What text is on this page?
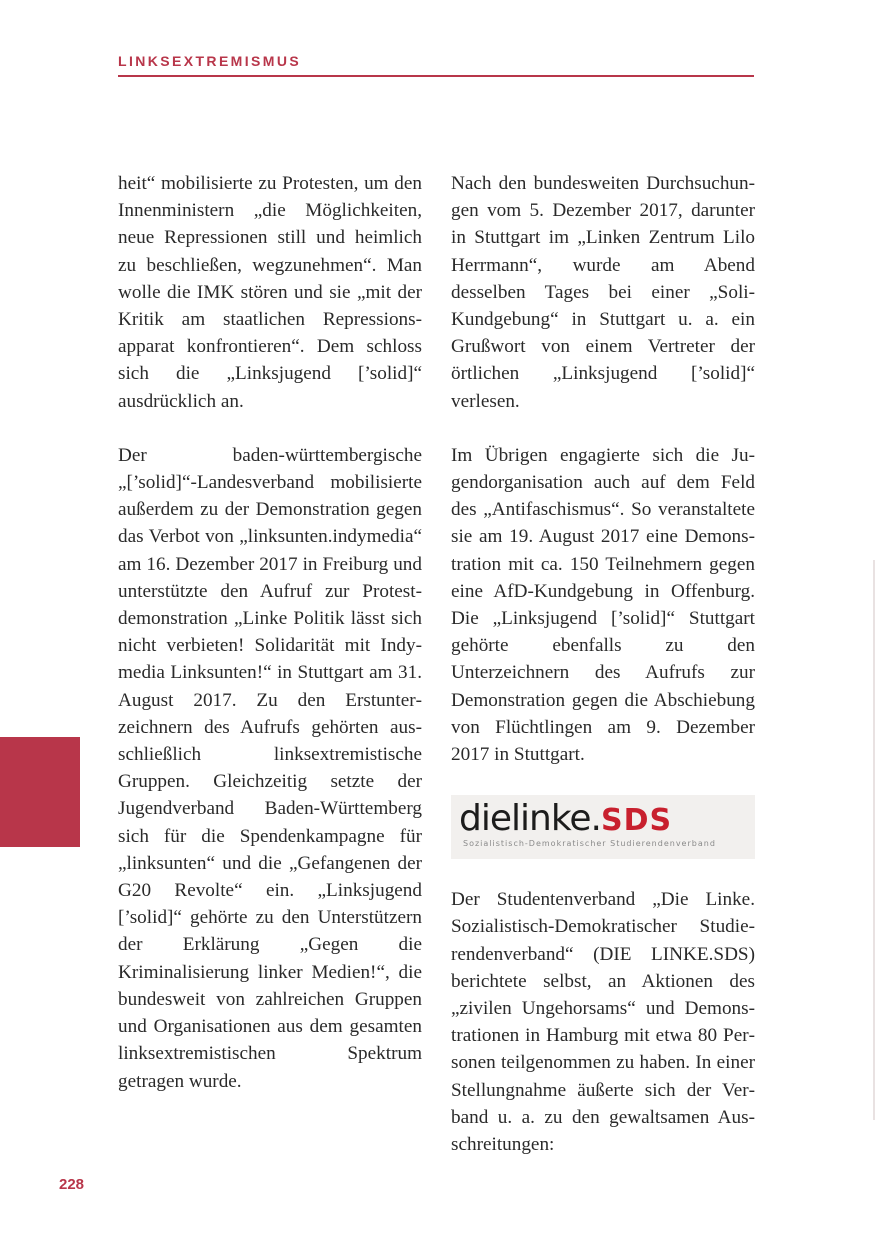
LINKSEXTREMISMUS

heit“ mobilisierte zu Protesten, um den Innenministern „die Möglichkeiten, neue Repressionen still und heimlich zu beschließen, wegzunehmen“. Man wolle die IMK stören und sie „mit der Kritik am staatlichen Repressionsapparat konfrontieren“. Dem schloss sich die „Linksjugend [’solid]“ ausdrücklich an.

Der baden-württembergische „[’solid]“-Landesverband mobilisierte außerdem zu der Demonstration gegen das Verbot von „linksunten.indymedia“ am 16. Dezember 2017 in Freiburg und unterstützte den Aufruf zur Protestdemonstration „Linke Politik lässt sich nicht verbieten! Solidarität mit Indymedia Linksunten!“ in Stuttgart am 31. August 2017. Zu den Erstunterzeichnern des Aufrufs gehörten ausschließlich linksextremistische Gruppen. Gleichzeitig setzte der Jugendverband Baden-Württemberg sich für die Spendenkampagne für „linksunten“ und die „Gefangenen der G20 Revolte“ ein. „Linksjugend [’solid]“ gehörte zu den Unterstützern der Erklärung „Gegen die Kriminalisierung linker Medien!“, die bundesweit von zahlreichen Gruppen und Organisationen aus dem gesamten linksextremistischen Spektrum getragen wurde.

Nach den bundesweiten Durchsuchungen vom 5. Dezember 2017, darunter in Stuttgart im „Linken Zentrum Lilo Herrmann“, wurde am Abend desselben Tages bei einer „Soli-Kundgebung“ in Stuttgart u. a. ein Grußwort von einem Vertreter der örtlichen „Linksjugend [’solid]“ verlesen.

Im Übrigen engagierte sich die Jugendorganisation auch auf dem Feld des „Antifaschismus“. So veranstaltete sie am 19. August 2017 eine Demonstration mit ca. 150 Teilnehmern gegen eine AfD-Kundgebung in Offenburg. Die „Linksjugend [’solid]“ Stuttgart gehörte ebenfalls zu den Unterzeichnern des Aufrufs zur Demonstration gegen die Abschiebung von Flüchtlingen am 9. Dezember 2017 in Stuttgart.

dielinke.SDS
Sozialistisch-Demokratischer Studierendenverband

Der Studentenverband „Die Linke. Sozialistisch-Demokratischer Studierendenverband“ (DIE LINKE.SDS) berichtete selbst, an Aktionen des „zivilen Ungehorsams“ und Demonstrationen in Hamburg mit etwa 80 Personen teilgenommen zu haben. In einer Stellungnahme äußerte sich der Verband u. a. zu den gewaltsamen Ausschreitungen:

228
